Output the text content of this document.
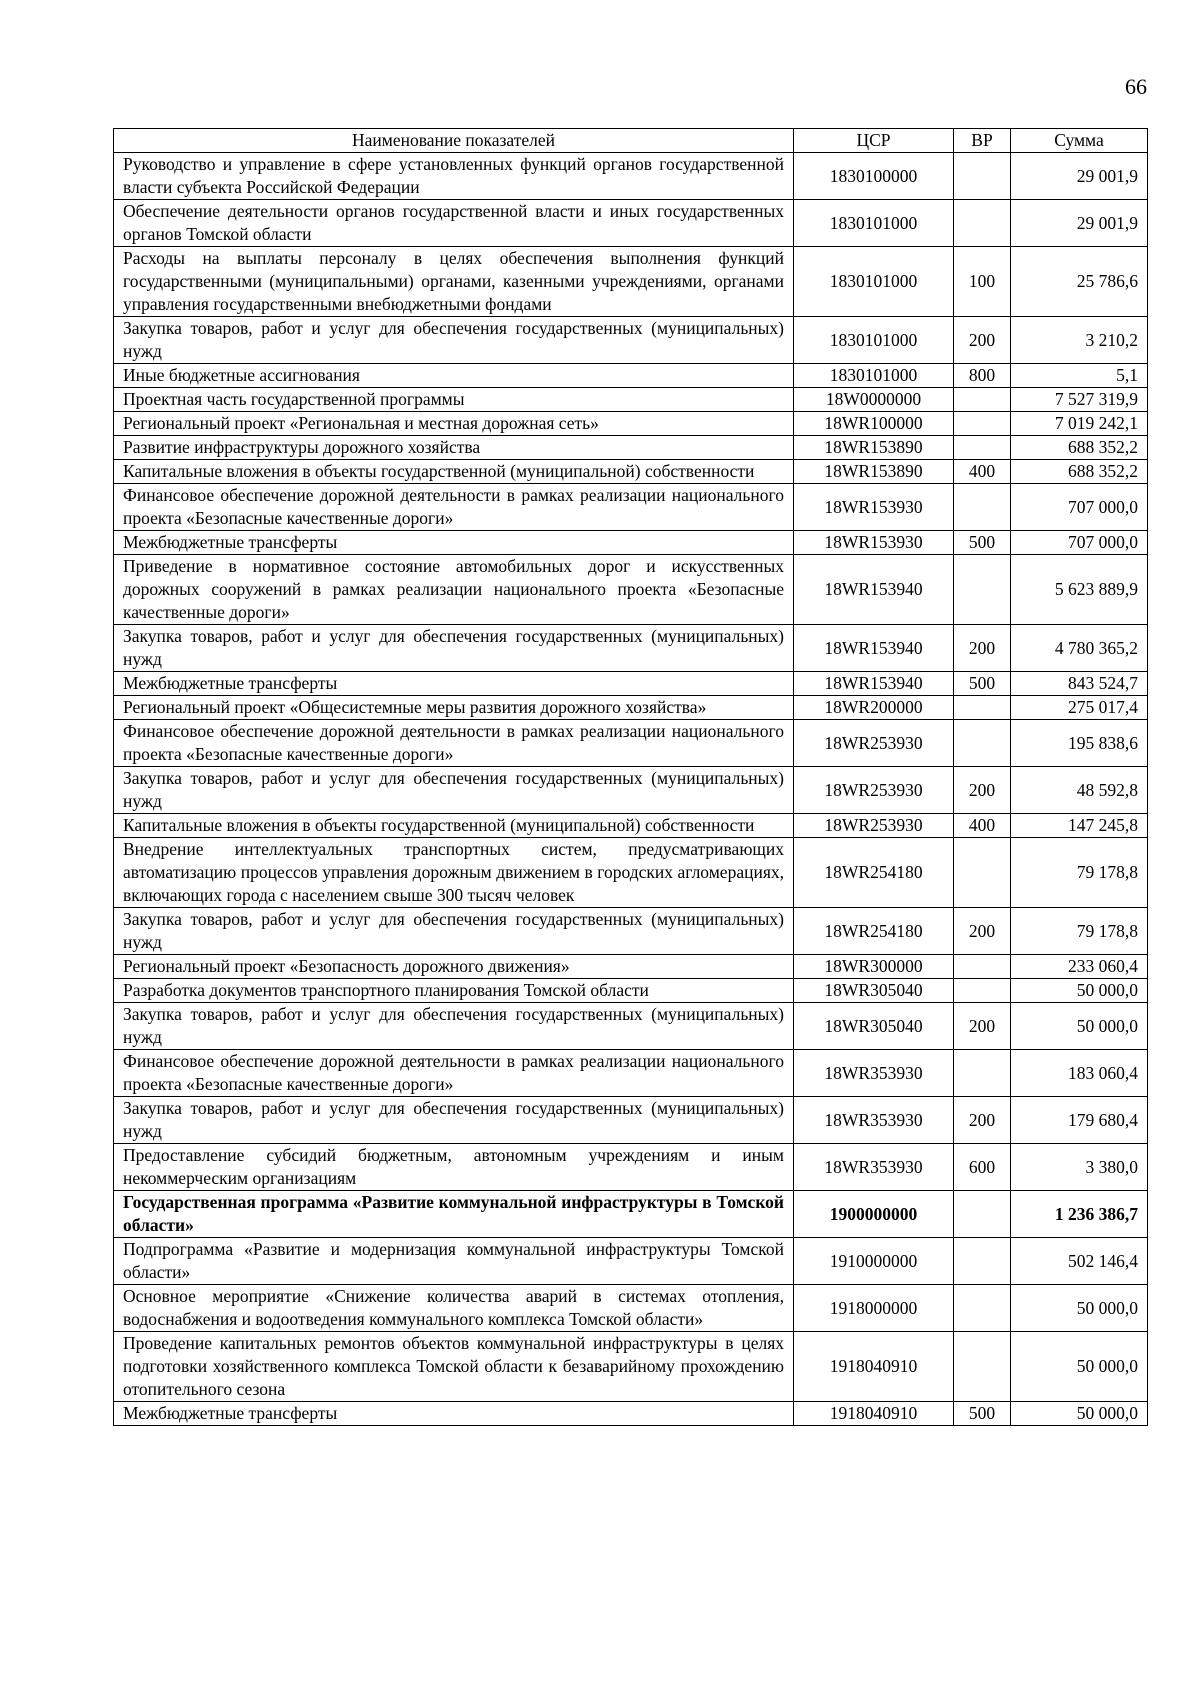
66
Наименование показателей	ЦСР	ВР	Сумма
Руководство и управление в сфере установленных функций органов государственной власти субъекта Российской Федерации	1830100000		29 001,9
Обеспечение деятельности органов государственной власти и иных государственных органов Томской области	1830101000		29 001,9
Расходы на выплаты персоналу в целях обеспечения выполнения функций государственными (муниципальными) органами, казенными учреждениями, органами управления государственными внебюджетными фондами	1830101000	100	25 786,6
Закупка товаров, работ и услуг для обеспечения государственных (муниципальных) нужд	1830101000	200	3 210,2
Иные бюджетные ассигнования	1830101000	800	5,1
Проектная часть государственной программы	18W0000000		7 527 319,9
Региональный проект «Региональная и местная дорожная сеть»	18WR100000		7 019 242,1
Развитие инфраструктуры дорожного хозяйства	18WR153890		688 352,2
Капитальные вложения в объекты государственной (муниципальной) собственности	18WR153890	400	688 352,2
Финансовое обеспечение дорожной деятельности в рамках реализации национального проекта «Безопасные качественные дороги»	18WR153930		707 000,0
Межбюджетные трансферты	18WR153930	500	707 000,0
Приведение в нормативное состояние автомобильных дорог и искусственных дорожных сооружений в рамках реализации национального проекта «Безопасные качественные дороги»	18WR153940		5 623 889,9
Закупка товаров, работ и услуг для обеспечения государственных (муниципальных) нужд	18WR153940	200	4 780 365,2
Межбюджетные трансферты	18WR153940	500	843 524,7
Региональный проект «Общесистемные меры развития дорожного хозяйства»	18WR200000		275 017,4
Финансовое обеспечение дорожной деятельности в рамках реализации национального проекта «Безопасные качественные дороги»	18WR253930		195 838,6
Закупка товаров, работ и услуг для обеспечения государственных (муниципальных) нужд	18WR253930	200	48 592,8
Капитальные вложения в объекты государственной (муниципальной) собственности	18WR253930	400	147 245,8
Внедрение интеллектуальных транспортных систем, предусматривающих автоматизацию процессов управления дорожным движением в городских агломерациях, включающих города с населением свыше 300 тысяч человек	18WR254180		79 178,8
Закупка товаров, работ и услуг для обеспечения государственных (муниципальных) нужд	18WR254180	200	79 178,8
Региональный проект «Безопасность дорожного движения»	18WR300000		233 060,4
Разработка документов транспортного планирования Томской области	18WR305040		50 000,0
Закупка товаров, работ и услуг для обеспечения государственных (муниципальных) нужд	18WR305040	200	50 000,0
Финансовое обеспечение дорожной деятельности в рамках реализации национального проекта «Безопасные качественные дороги»	18WR353930		183 060,4
Закупка товаров, работ и услуг для обеспечения государственных (муниципальных) нужд	18WR353930	200	179 680,4
Предоставление субсидий бюджетным, автономным учреждениям и иным некоммерческим организациям	18WR353930	600	3 380,0
Государственная программа «Развитие коммунальной инфраструктуры в Томской области»	1900000000		1 236 386,7
Подпрограмма «Развитие и модернизация коммунальной инфраструктуры Томской области»	1910000000		502 146,4
Основное мероприятие «Снижение количества аварий в системах отопления, водоснабжения и водоотведения коммунального комплекса Томской области»	1918000000		50 000,0
Проведение капитальных ремонтов объектов коммунальной инфраструктуры в целях подготовки хозяйственного комплекса Томской области к безаварийному прохождению отопительного сезона	1918040910		50 000,0
Межбюджетные трансферты	1918040910	500	50 000,0
